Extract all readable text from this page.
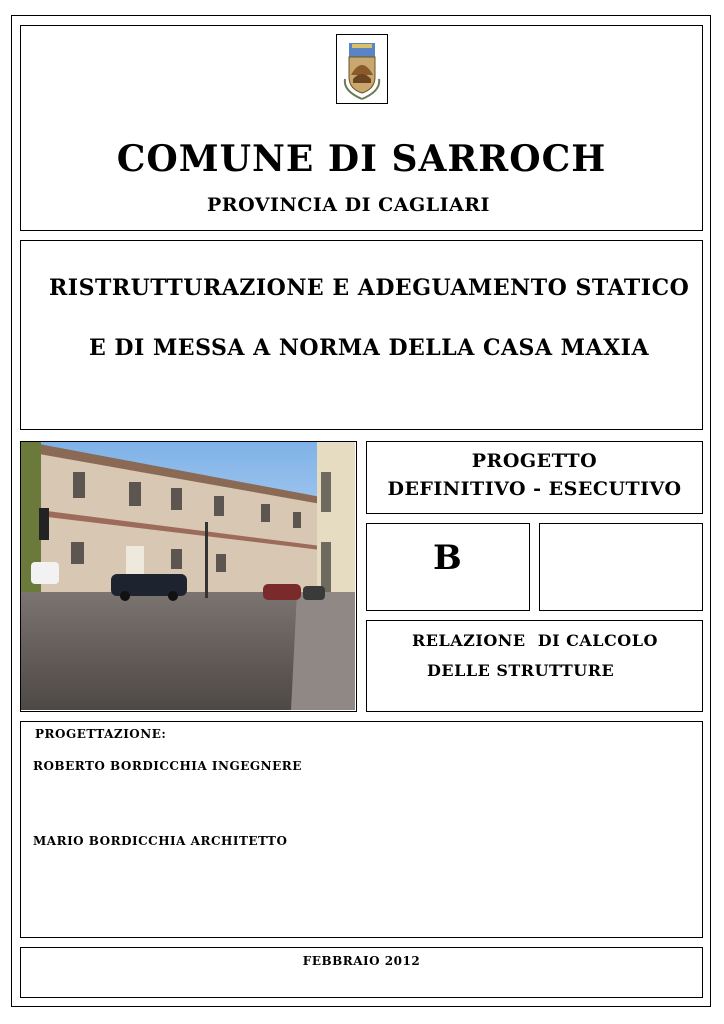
COMUNE DI SARROCH
PROVINCIA DI CAGLIARI
RISTRUTTURAZIONE E ADEGUAMENTO STATICO
E DI MESSA A NORMA DELLA CASA MAXIA
PROGETTO
DEFINITIVO - ESECUTIVO
B
RELAZIONE  DI CALCOLO
DELLE STRUTTURE
PROGETTAZIONE:
ROBERTO BORDICCHIA INGEGNERE
MARIO BORDICCHIA ARCHITETTO
FEBBRAIO 2012
